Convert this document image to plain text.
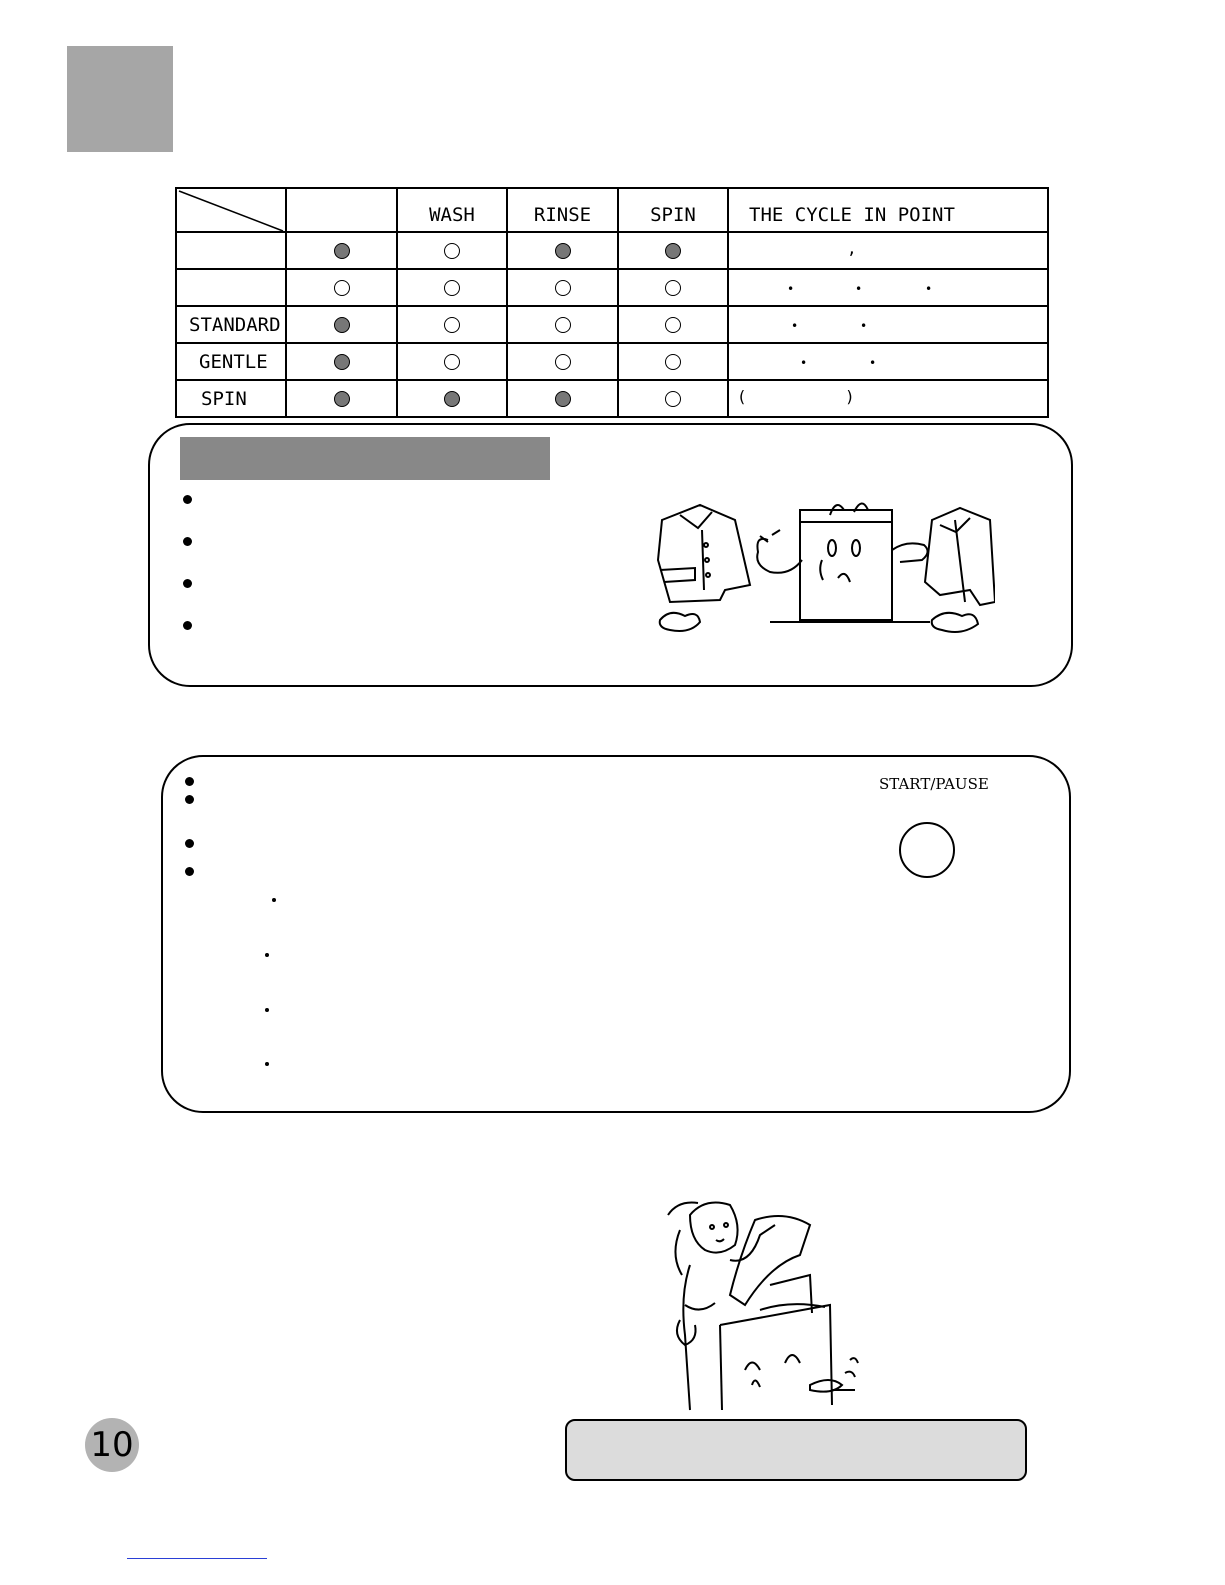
		WASH	RINSE	SPIN	THE CYCLE IN POINT

					,

					• • •

STANDARD					• •

GENTLE					• •

SPIN					( )
START/PAUSE
10
